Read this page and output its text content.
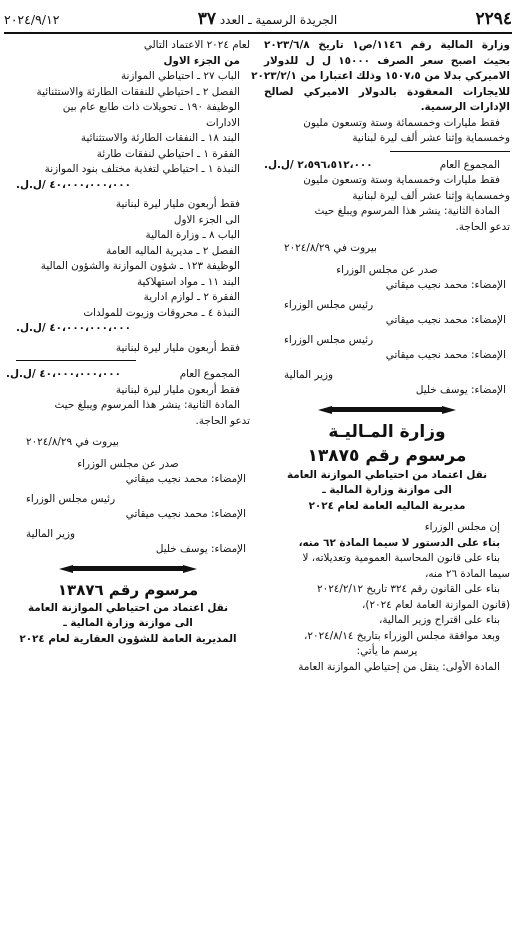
٢٢٩٤
الجريدة الرسمية ـ العدد ٣٧
٢٠٢٤/٩/١٢
وزارة المالية رقم ١١٤٦/ص١ تاريخ ٢٠٢٣/٦/٨
بحيث اصبح سعر الصرف ١٥٠٠٠ ل ل للدولار
الاميركي بدلا من ١٥٠٧،٥ وذلك اعتبارا من ٢٠٢٣/٢/١
للايجارات المعقودة بالدولار الاميركي لصالح
الإدارات الرسمية.
فقط مليارات وخمسمائة وستة وتسعون مليون
وخمسماية وإثنا عشر ألف ليرة لبنانية
المجموع العام
٢،٥٩٦،٥١٢،٠٠٠ /ل.ل.
فقط مليارات وخمسماية وستة وتسعون مليون
وخمسماية وإثنا عشر ألف ليرة لبنانية
المادة الثانية: ينشر هذا المرسوم ويبلغ حيث
تدعو الحاجة.
بيروت في ٢٠٢٤/٨/٢٩
صدر عن مجلس الوزراء
الإمضاء: محمد نجيب ميقاتي
رئيس مجلس الوزراء
الإمضاء: محمد نجيب ميقاتي
رئيس مجلس الوزراء
الإمضاء: محمد نجيب ميقاتي
وزير المالية
الإمضاء: يوسف خليل
وزارة المـاليـة
مرسوم رقم ١٣٨٧٥
نقل اعتماد من احتياطي الموازنة العامة
الى موازنة وزارة المالية ـ
مديرية الماليه العامة لعام ٢٠٢٤
إن مجلس الوزراء
بناء على الدستور لا سيما المادة ٦٢ منه،
بناء على قانون المحاسبة العمومية وتعديلاته، لا
سيما المادة ٢٦ منه،
بناء على القانون رقم ٣٢٤ تاريخ ٢٠٢٤/٢/١٢
(قانون الموازنة العامة لعام ٢٠٢٤)،
بناء على اقتراح وزير المالية،
وبعد موافقة مجلس الوزراء بتاريخ ٢٠٢٤/٨/١٤،
يرسم ما يأتي:
المادة الأولى: ينقل من إحتياطي الموازنة العامة
لعام ٢٠٢٤ الاعتماد التالي
من الجزء الاول
الباب ٢٧ ـ احتياطي الموازنة
الفصل ٢ ـ احتياطي للنفقات الطارئة والاستثنائية
الوظيفة ١٩٠ ـ تحويلات ذات طابع عام بين
الادارات
البند ١٨ ـ النفقات الطارئة والاستثنائية
الفقرة ١ ـ احتياطي لنفقات طارئة
النبذة ١ ـ احتياطي لتغذية مختلف بنود الموازنة
٤٠،٠٠٠،٠٠٠،٠٠٠ /ل.ل.
فقط أربعون مليار ليرة لبنانية
الى الجزء الاول
الباب ٨ ـ وزارة المالية
الفصل ٢ ـ مديرية الماليه العامة
الوظيفة ١٢٣ ـ شؤون الموازنة والشؤون المالية
البند ١١ ـ مواد استهلاكية
الفقرة ٢ ـ لوازم ادارية
النبذة ٤ ـ محروقات وزيوت للمولدات
٤٠،٠٠٠،٠٠٠،٠٠٠ /ل.ل.
فقط أربعون مليار ليرة لبنانية
المجموع العام
٤٠،٠٠٠،٠٠٠،٠٠٠ /ل.ل.
فقط أربعون مليار ليرة لبنانية
المادة الثانية: ينشر هذا المرسوم ويبلغ حيث
تدعو الحاجة.
بيروت في ٢٠٢٤/٨/٢٩
صدر عن مجلس الوزراء
الإمضاء: محمد نجيب ميقاتي
رئيس مجلس الوزراء
الإمضاء: محمد نجيب ميقاتي
وزير المالية
الإمضاء: يوسف خليل
مرسوم رقم ١٣٨٧٦
نقل اعتماد من احتياطي الموازنة العامة
الى موازنة وزارة المالية ـ
المديرية العامة للشؤون العقارية لعام ٢٠٢٤
